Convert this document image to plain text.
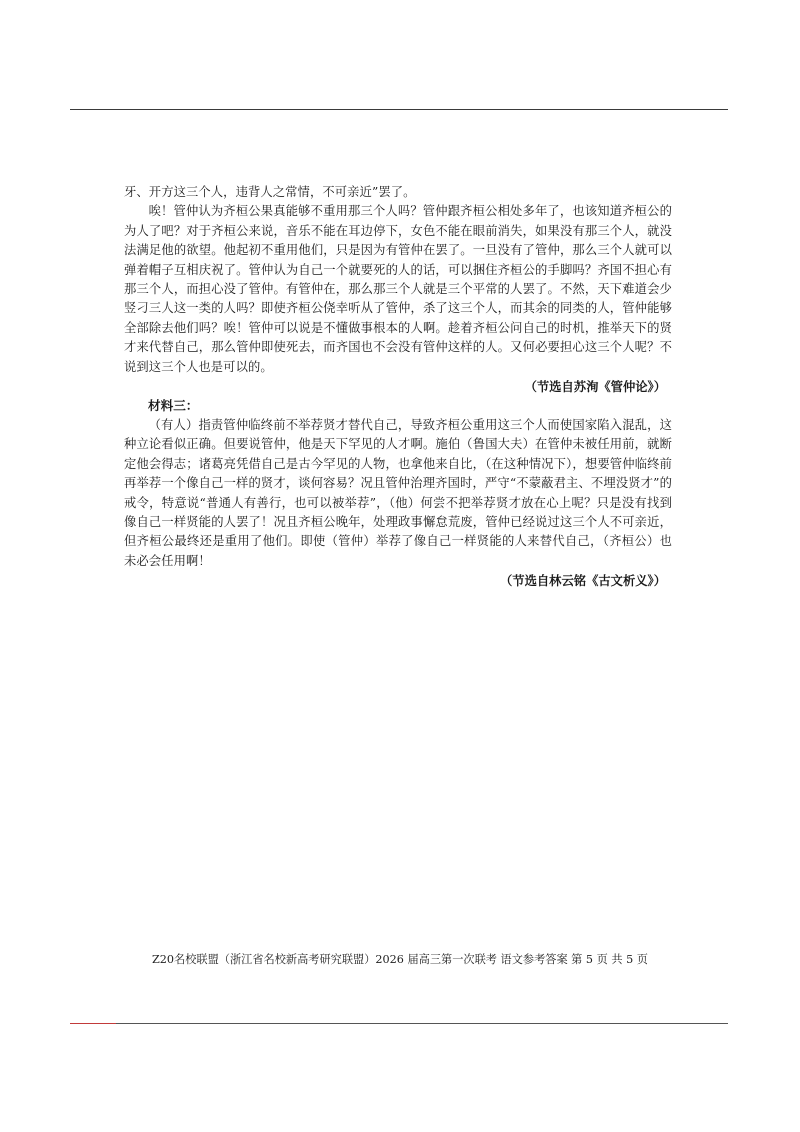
牙、开方这三个人，违背人之常情，不可亲近”罢了。

唉！管仲认为齐桓公果真能够不重用那三个人吗？管仲跟齐桓公相处多年了，也该知道齐桓公的为人了吧？对于齐桓公来说，音乐不能在耳边停下，女色不能在眼前消失，如果没有那三个人，就没法满足他的欲望。他起初不重用他们，只是因为有管仲在罢了。一旦没有了管仲，那么三个人就可以弹着帽子互相庆祝了。管仲认为自己一个就要死的人的话，可以捆住齐桓公的手脚吗？齐国不担心有那三个人，而担心没了管仲。有管仲在，那么那三个人就是三个平常的人罢了。不然，天下难道会少竖刁三人这一类的人吗？即使齐桓公侥幸听从了管仲，杀了这三个人，而其余的同类的人，管仲能够全部除去他们吗？唉！管仲可以说是不懂做事根本的人啊。趁着齐桓公问自己的时机，推举天下的贤才来代替自己，那么管仲即使死去，而齐国也不会没有管仲这样的人。又何必要担心这三个人呢？不说到这三个人也是可以的。

（节选自苏洵《管仲论》）

材料三：

（有人）指责管仲临终前不举荐贤才替代自己，导致齐桓公重用这三个人而使国家陷入混乱，这种立论看似正确。但要说管仲，他是天下罕见的人才啊。施伯（鲁国大夫）在管仲未被任用前，就断定他会得志；诸葛亮凭借自己是古今罕见的人物，也拿他来自比，（在这种情况下），想要管仲临终前再举荐一个像自己一样的贤才，谈何容易？况且管仲治理齐国时，严守“不蒙蔽君主、不埋没贤才”的戒令，特意说“普通人有善行，也可以被举荐”，（他）何尝不把举荐贤才放在心上呢？只是没有找到像自己一样贤能的人罢了！况且齐桓公晚年，处理政事懈怠荒废，管仲已经说过这三个人不可亲近，但齐桓公最终还是重用了他们。即使（管仲）举荐了像自己一样贤能的人来替代自己，（齐桓公）也未必会任用啊！

（节选自林云铭《古文析义》）

Z20名校联盟（浙江省名校新高考研究联盟）2026 届高三第一次联考 语文参考答案 第 5 页 共 5 页
